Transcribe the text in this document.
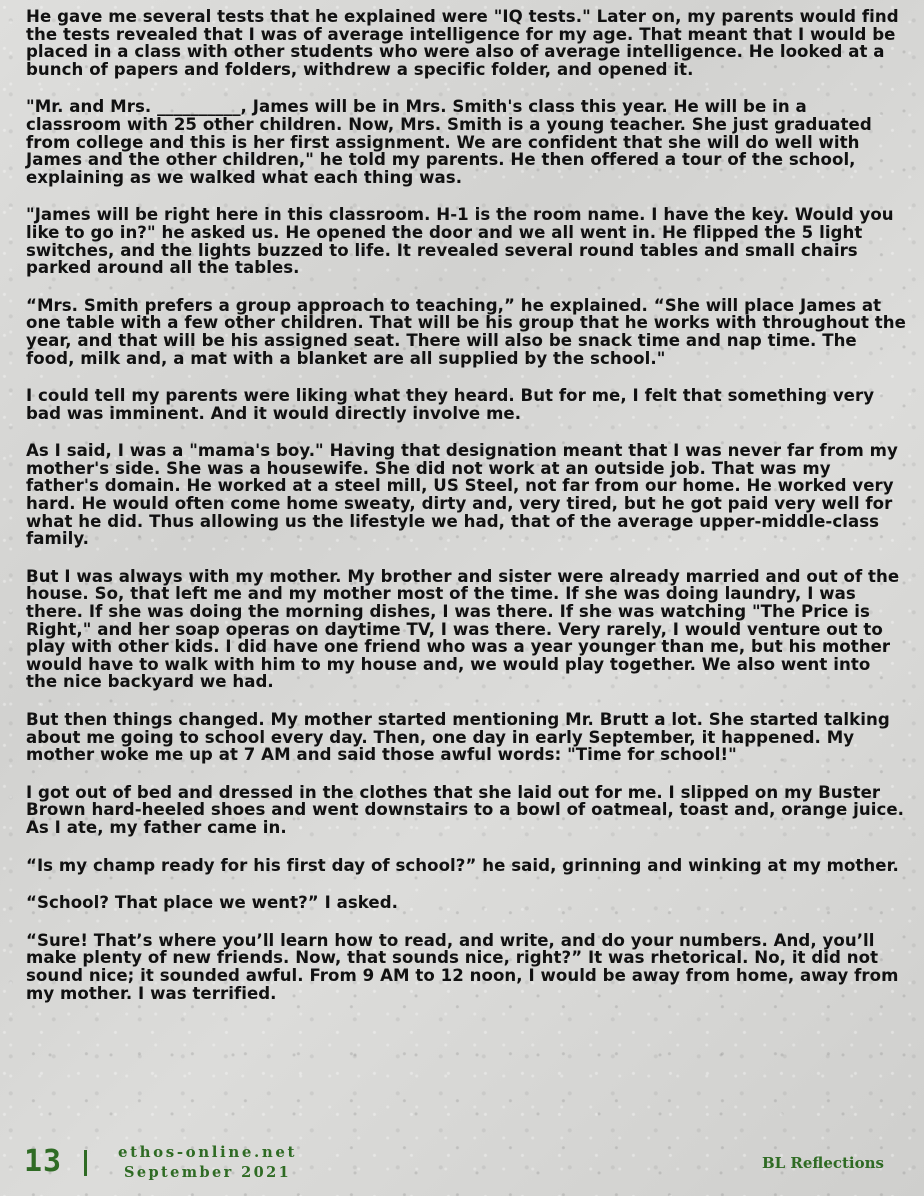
He gave me several tests that he explained were "IQ tests." Later on, my parents would find the tests revealed that I was of average intelligence for my age. That meant that I would be placed in a class with other students who were also of average intelligence. He looked at a bunch of papers and folders, withdrew a specific folder, and opened it.

"Mr. and Mrs. __________, James will be in Mrs. Smith's class this year. He will be in a classroom with 25 other children. Now, Mrs. Smith is a young teacher. She just graduated from college and this is her first assignment. We are confident that she will do well with James and the other children," he told my parents. He then offered a tour of the school, explaining as we walked what each thing was.

"James will be right here in this classroom. H-1 is the room name. I have the key. Would you like to go in?" he asked us. He opened the door and we all went in. He flipped the 5 light switches, and the lights buzzed to life. It revealed several round tables and small chairs parked around all the tables.

“Mrs. Smith prefers a group approach to teaching,” he explained. “She will place James at one table with a few other children. That will be his group that he works with throughout the year, and that will be his assigned seat. There will also be snack time and nap time. The food, milk and, a mat with a blanket are all supplied by the school."

I could tell my parents were liking what they heard. But for me, I felt that something very bad was imminent. And it would directly involve me.

As I said, I was a "mama's boy." Having that designation meant that I was never far from my mother's side. She was a housewife. She did not work at an outside job. That was my father's domain. He worked at a steel mill, US Steel, not far from our home. He worked very hard. He would often come home sweaty, dirty and, very tired, but he got paid very well for what he did. Thus allowing us the lifestyle we had, that of the average upper-middle-class family.

But I was always with my mother. My brother and sister were already married and out of the house. So, that left me and my mother most of the time. If she was doing laundry, I was there. If she was doing the morning dishes, I was there. If she was watching "The Price is Right," and her soap operas on daytime TV, I was there. Very rarely, I would venture out to play with other kids. I did have one friend who was a year younger than me, but his mother would have to walk with him to my house and, we would play together. We also went into the nice backyard we had.

But then things changed. My mother started mentioning Mr. Brutt a lot. She started talking about me going to school every day. Then, one day in early September, it happened. My mother woke me up at 7 AM and said those awful words: "Time for school!"

I got out of bed and dressed in the clothes that she laid out for me. I slipped on my Buster Brown hard-heeled shoes and went downstairs to a bowl of oatmeal, toast and, orange juice. As I ate, my father came in.

“Is my champ ready for his first day of school?” he said, grinning and winking at my mother.

“School? That place we went?” I asked.

“Sure! That’s where you’ll learn how to read, and write, and do your numbers. And, you’ll make plenty of new friends. Now, that sounds nice, right?” It was rhetorical. No, it did not sound nice; it sounded awful. From 9 AM to 12 noon, I would be away from home, away from my mother. I was terrified.

13	ethos-online.net
September 2021
BL Reflections
